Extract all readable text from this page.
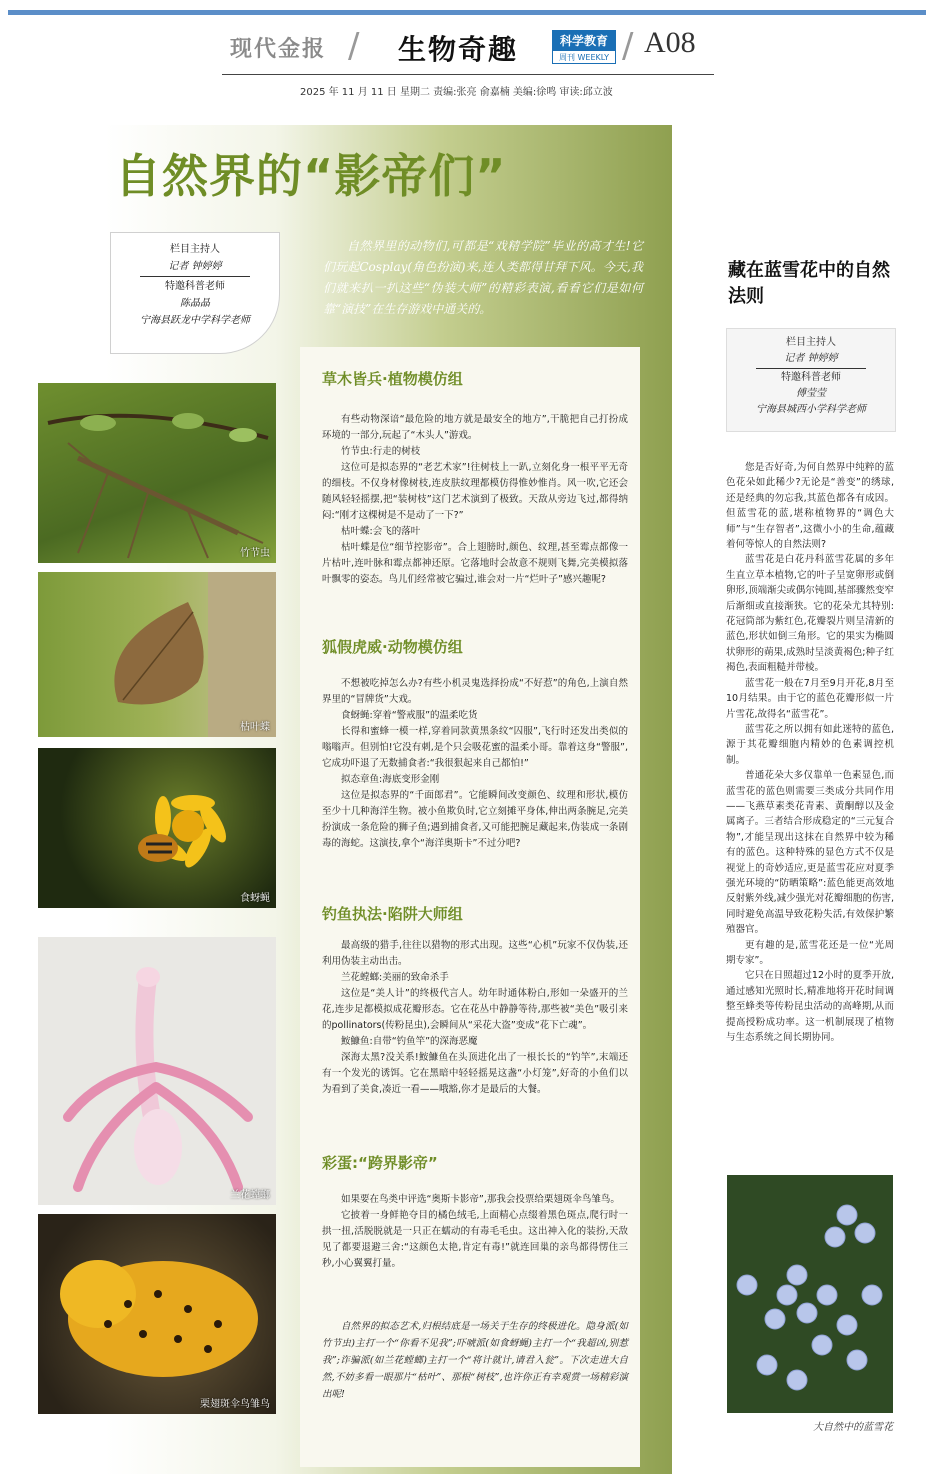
现代金报 / 生物奇趣	科学教育
周刊 WEEKLY / A08
2025 年 11 月 11 日 星期二 责编:张亮 俞嘉楠 美编:徐鸣 审读:邱立波
自然界的“影帝们”
栏目主持人
记者 钟婷婷
特邀科普老师
陈晶晶
宁海县跃龙中学科学老师
自然界里的动物们,可都是“戏精学院”毕业的高才生!它们玩起Cosplay(角色扮演)来,连人类都得甘拜下风。今天,我们就来扒一扒这些“伪装大师”的精彩表演,看看它们是如何靠“演技”在生存游戏中通关的。
草木皆兵·植物模仿组

有些动物深谙“最危险的地方就是最安全的地方”,干脆把自己打扮成环境的一部分,玩起了“木头人”游戏。

竹节虫:行走的树枝

这位可是拟态界的“老艺术家”!往树枝上一趴,立刻化身一根平平无奇的细枝。不仅身材像树枝,连皮肤纹理都模仿得惟妙惟肖。风一吹,它还会随风轻轻摇摆,把“装树枝”这门艺术演到了极致。天敌从旁边飞过,都得纳闷:“刚才这棵树是不是动了一下?”

枯叶蝶:会飞的落叶

枯叶蝶是位“细节控影帝”。合上翅膀时,颜色、纹理,甚至霉点都像一片枯叶,连叶脉和霉点都神还原。它落地时会故意不规则飞舞,完美模拟落叶飘零的姿态。鸟儿们经常被它骗过,谁会对一片“烂叶子”感兴趣呢?

狐假虎威·动物模仿组

不想被吃掉怎么办?有些小机灵鬼选择扮成“不好惹”的角色,上演自然界里的“冒牌货”大戏。

食蚜蝇:穿着“警戒服”的温柔吃货

长得和蜜蜂一模一样,穿着同款黄黑条纹“囚服”,飞行时还发出类似的嗡嗡声。但别怕!它没有刺,是个只会吸花蜜的温柔小哥。靠着这身“警服”,它成功吓退了无数捕食者:“我很狠起来自己都怕!”

拟态章鱼:海底变形金刚

这位是拟态界的“千面郎君”。它能瞬间改变颜色、纹理和形状,模仿至少十几种海洋生物。被小鱼欺负时,它立刻摊平身体,伸出两条腕足,完美扮演成一条危险的狮子鱼;遇到捕食者,又可能把腕足藏起来,伪装成一条剧毒的海蛇。这演技,拿个“海洋奥斯卡”不过分吧?

钓鱼执法·陷阱大师组

最高级的猎手,往往以猎物的形式出现。这些“心机”玩家不仅伪装,还利用伪装主动出击。

兰花螳螂:美丽的致命杀手

这位是“美人计”的终极代言人。幼年时通体粉白,形如一朵盛开的兰花,连步足都模拟成花瓣形态。它在花丛中静静等待,那些被“美色”吸引来的pollinators(传粉昆虫),会瞬间从“采花大盗”变成“花下亡魂”。

鮟鱇鱼:自带“钓鱼竿”的深海恶魔

深海太黑?没关系!鮟鱇鱼在头顶进化出了一根长长的“钓竿”,末端还有一个发光的诱饵。它在黑暗中轻轻摇晃这盏“小灯笼”,好奇的小鱼们以为看到了美食,凑近一看——哦豁,你才是最后的大餐。

彩蛋:“跨界影帝”

如果要在鸟类中评选“奥斯卡影帝”,那我会投票给栗翅斑伞鸟雏鸟。

它披着一身鲜艳夺目的橘色绒毛,上面精心点缀着黑色斑点,爬行时一拱一扭,活脱脱就是一只正在蠕动的有毒毛毛虫。这出神入化的装扮,天敌见了都要退避三舍:“这颜色太艳,肯定有毒!”就连回巢的亲鸟都得愣住三秒,小心翼翼打量。

自然界的拟态艺术,归根结底是一场关于生存的终极进化。隐身派(如竹节虫)主打一个“你看不见我”;吓唬派(如食蚜蝇)主打一个“我超凶,别惹我”;诈骗派(如兰花螳螂)主打一个“将计就计,请君入瓮”。下次走进大自然,不妨多看一眼那片“枯叶”、那根“树枝”,也许你正有幸观赏一场精彩演出呢!

竹节虫
枯叶蝶
食蚜蝇
兰花螳螂
栗翅斑伞鸟雏鸟
藏在蓝雪花中的自然法则
栏目主持人
记者 钟婷婷
特邀科普老师
傅莹莹
宁海县城西小学科学老师

您是否好奇,为何自然界中纯粹的蓝色花朵如此稀少?无论是“善变”的绣球,还是经典的勿忘我,其蓝色都各有成因。但蓝雪花的蓝,堪称植物界的“调色大师”与“生存智者”,这微小小的生命,蕴藏着何等惊人的自然法则?

蓝雪花是白花丹科蓝雪花属的多年生直立草本植物,它的叶子呈宽卵形或倒卵形,顶端渐尖或偶尔钝圆,基部骤然变窄后渐细或直接渐狭。它的花朵尤其特别:花冠筒部为紫红色,花瓣裂片则呈清新的蓝色,形状如倒三角形。它的果实为椭圆状卵形的蒴果,成熟时呈淡黄褐色;种子红褐色,表面粗糙并带棱。

蓝雪花一般在7月至9月开花,8月至10月结果。由于它的蓝色花瓣形似一片片雪花,故得名“蓝雪花”。

蓝雪花之所以拥有如此迷特的蓝色,源于其花瓣细胞内精妙的色素调控机制。

普通花朵大多仅靠单一色素显色,而蓝雪花的蓝色则需要三类成分共同作用——飞燕草素类花青素、黄酮醇以及金属离子。三者结合形成稳定的“三元复合物”,才能呈现出这抹在自然界中较为稀有的蓝色。这种特殊的显色方式不仅是视觉上的奇妙适应,更是蓝雪花应对夏季强光环境的“防晒策略”:蓝色能更高效地反射紫外线,减少强光对花瓣细胞的伤害,同时避免高温导致花粉失活,有效保护繁殖器官。

更有趣的是,蓝雪花还是一位“光周期专家”。

它只在日照超过12小时的夏季开放,通过感知光照时长,精准地将开花时间调整至蜂类等传粉昆虫活动的高峰期,从而提高授粉成功率。这一机制展现了植物与生态系统之间长期协同。

大自然中的蓝雪花
